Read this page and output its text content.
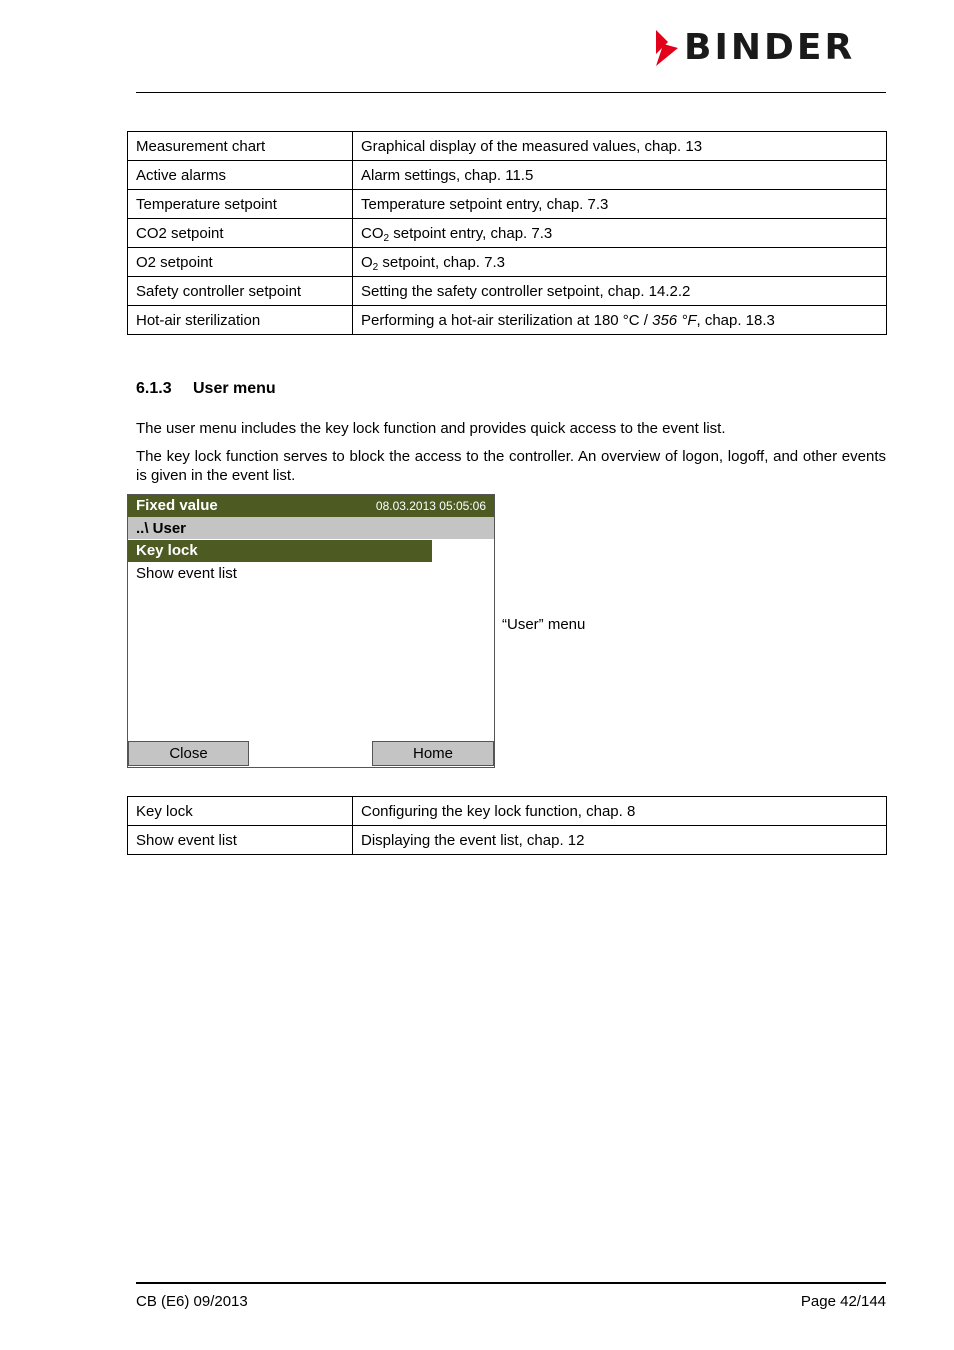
BINDER
Measurement chart	Graphical display of the measured values, chap. 13
Active alarms	Alarm settings, chap. 11.5
Temperature setpoint	Temperature setpoint entry, chap. 7.3
CO2 setpoint	$CO_2$ setpoint entry, chap. 7.3
O2 setpoint	$O_2$ setpoint, chap. 7.3
Safety controller setpoint	Setting the safety controller setpoint, chap. 14.2.2
Hot-air sterilization	Performing a hot-air sterilization at 180 °C / 356 °F, chap. 18.3
6.1.3 User menu

The user menu includes the key lock function and provides quick access to the event list.

The key lock function serves to block the access to the controller. An overview of logon, logoff, and other events is given in the event list.

Fixed value	08.03.2013 05:05:06
..\ User
Key lock
Show event list
Close	Home
“User” menu
Key lock	Configuring the key lock function, chap. 8
Show event list	Displaying the event list, chap. 12
CB (E6) 09/2013	Page 42/144
